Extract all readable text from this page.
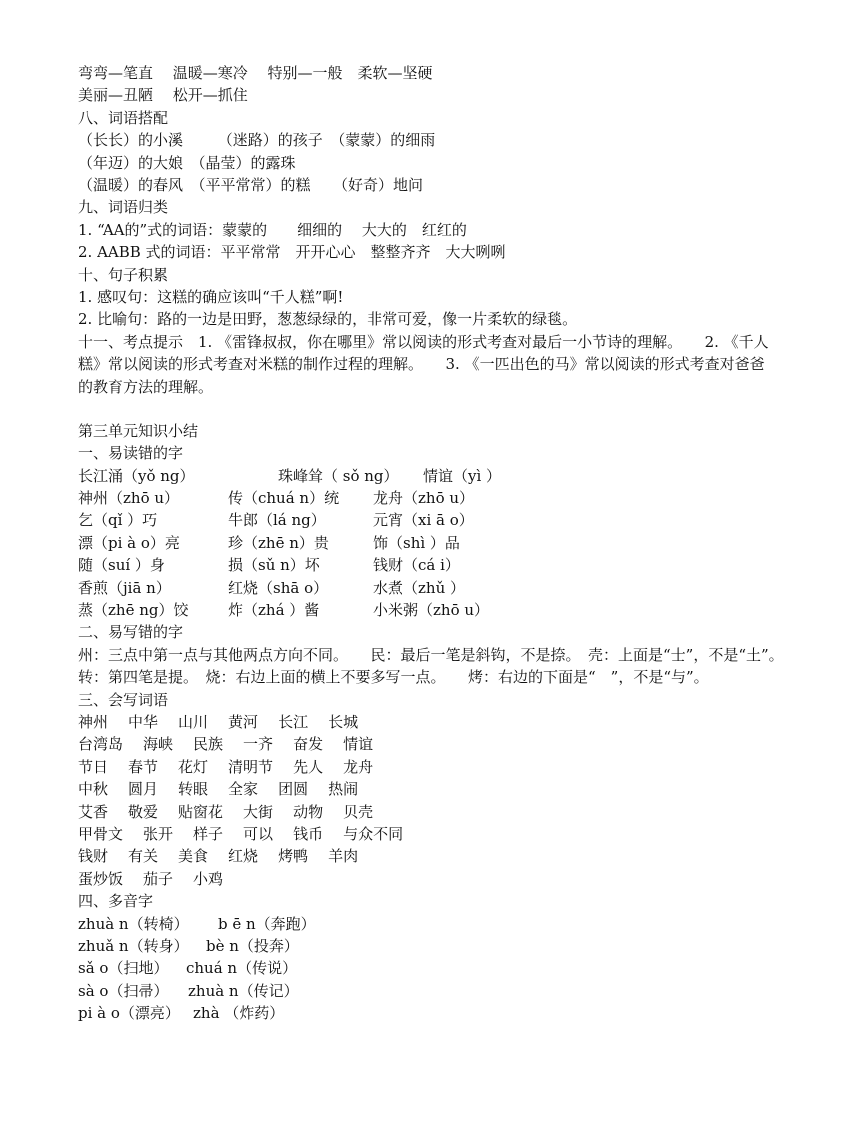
弯弯—笔直　 温暖—寒冷　 特别—一般　柔软—坚硬
美丽—丑陋　 松开—抓住
八、词语搭配
（长长）的小溪　　 （迷路）的孩子　（蒙蒙）的细雨
（年迈）的大娘　（晶莹）的露珠
（温暖）的春风　（平平常常）的糕　　（好奇）地问
九、词语归类
1. “AA的”式的词语：蒙蒙的　　细细的　 大大的　红红的
2. AABB 式的词语：平平常常　开开心心　整整齐齐　大大咧咧
十、句子积累
1. 感叹句：这糕的确应该叫“千人糕”啊!
2. 比喻句：路的一边是田野，葱葱绿绿的，非常可爱，像一片柔软的绿毯。
十一、考点提示　1. 《雷锋叔叔，你在哪里》常以阅读的形式考查对最后一小节诗的理解。　　2. 《千人糕》常以阅读的形式考查对米糕的制作过程的理解。　　3. 《一匹出色的马》常以阅读的形式考查对爸爸的教育方法的理解。
第三单元知识小结
一、易读错的字
长江涌（yǒ ng）	珠峰耸（ sǒ ng） 情谊（yì ）
神州（zhō u）	传（chuá n）统 龙舟（zhō u）
乞（qǐ ）巧	牛郎（lá ng）	元宵（xi ā o）
漂（pi à o）亮	珍（zhē n）贵	饰（shì ）品
随（suí ）身	损（sǔ n）坏	钱财（cá i）
香煎（jiā n）	红烧（shā o）	水煮（zhǔ ）
蒸（zhē ng）饺	炸（zhá ）酱	小米粥（zhō u）
二、易写错的字
州：三点中第一点与其他两点方向不同。　　民：最后一笔是斜钩，不是捺。　壳：上面是“士”，不是“土”。　转：第四笔是提。　烧：右边上面的横上不要多写一点。　　烤：右边的下面是“　”，不是“与”。
三、会写词语
神州 中华 山川 黄河 长江 长城
台湾岛 海峡 民族 一齐 奋发 情谊
节日 春节 花灯 清明节 先人 龙舟
中秋 圆月 转眼 全家 团圆 热闹
艾香 敬爱 贴窗花 大街 动物 贝壳
甲骨文 张开 样子 可以 钱币 与众不同
钱财 有关 美食 红烧 烤鸭 羊肉
蛋炒饭 茄子 小鸡
四、多音字
zhuà n（转椅） b ē n（奔跑）
zhuǎ n（转身） bè n（投奔）
sǎ o（扫地） chuá n（传说）
sà o（扫帚） zhuà n（传记）
pi à o（漂亮） zhà （炸药）
